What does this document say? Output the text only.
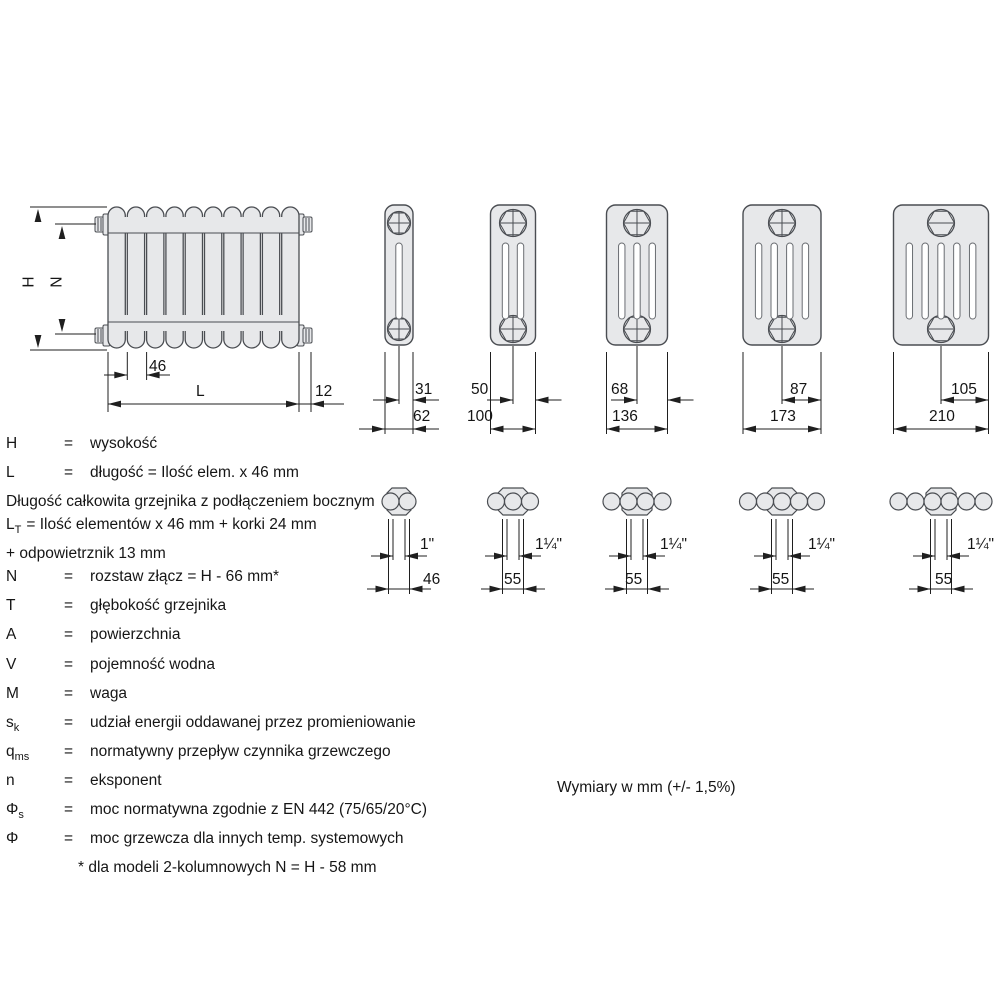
H N
46
L	12	31	50	68	87	105
62 100	136	173	210
1"	1¼"	1¼"	1¼"	1¼"
46	55	55	55	55
H	=	wysokość
L	=	długość = Ilość elem. x 46 mm
Długość całkowita grzejnika z podłączeniem bocznym
$L_T$ = Ilość elementów x 46 mm + korki 24 mm
+ odpowietrznik 13 mm
N	=	rozstaw złącz = H - 66 mm*
T	=	głębokość grzejnika
A	=	powierzchnia
V	=	pojemność wodna
M	=	waga
$s_k$	=	udział energii oddawanej przez promieniowanie
$q_{ms}$	=	normatywny przepływ czynnika grzewczego
n	=	eksponent
$\Phi_s$	=	moc normatywna zgodnie z EN 442 (75/65/20°C)
Φ	=	moc grzewcza dla innych temp. systemowych
* dla modeli 2-kolumnowych N = H - 58 mm
Wymiary w mm (+/- 1,5%)
